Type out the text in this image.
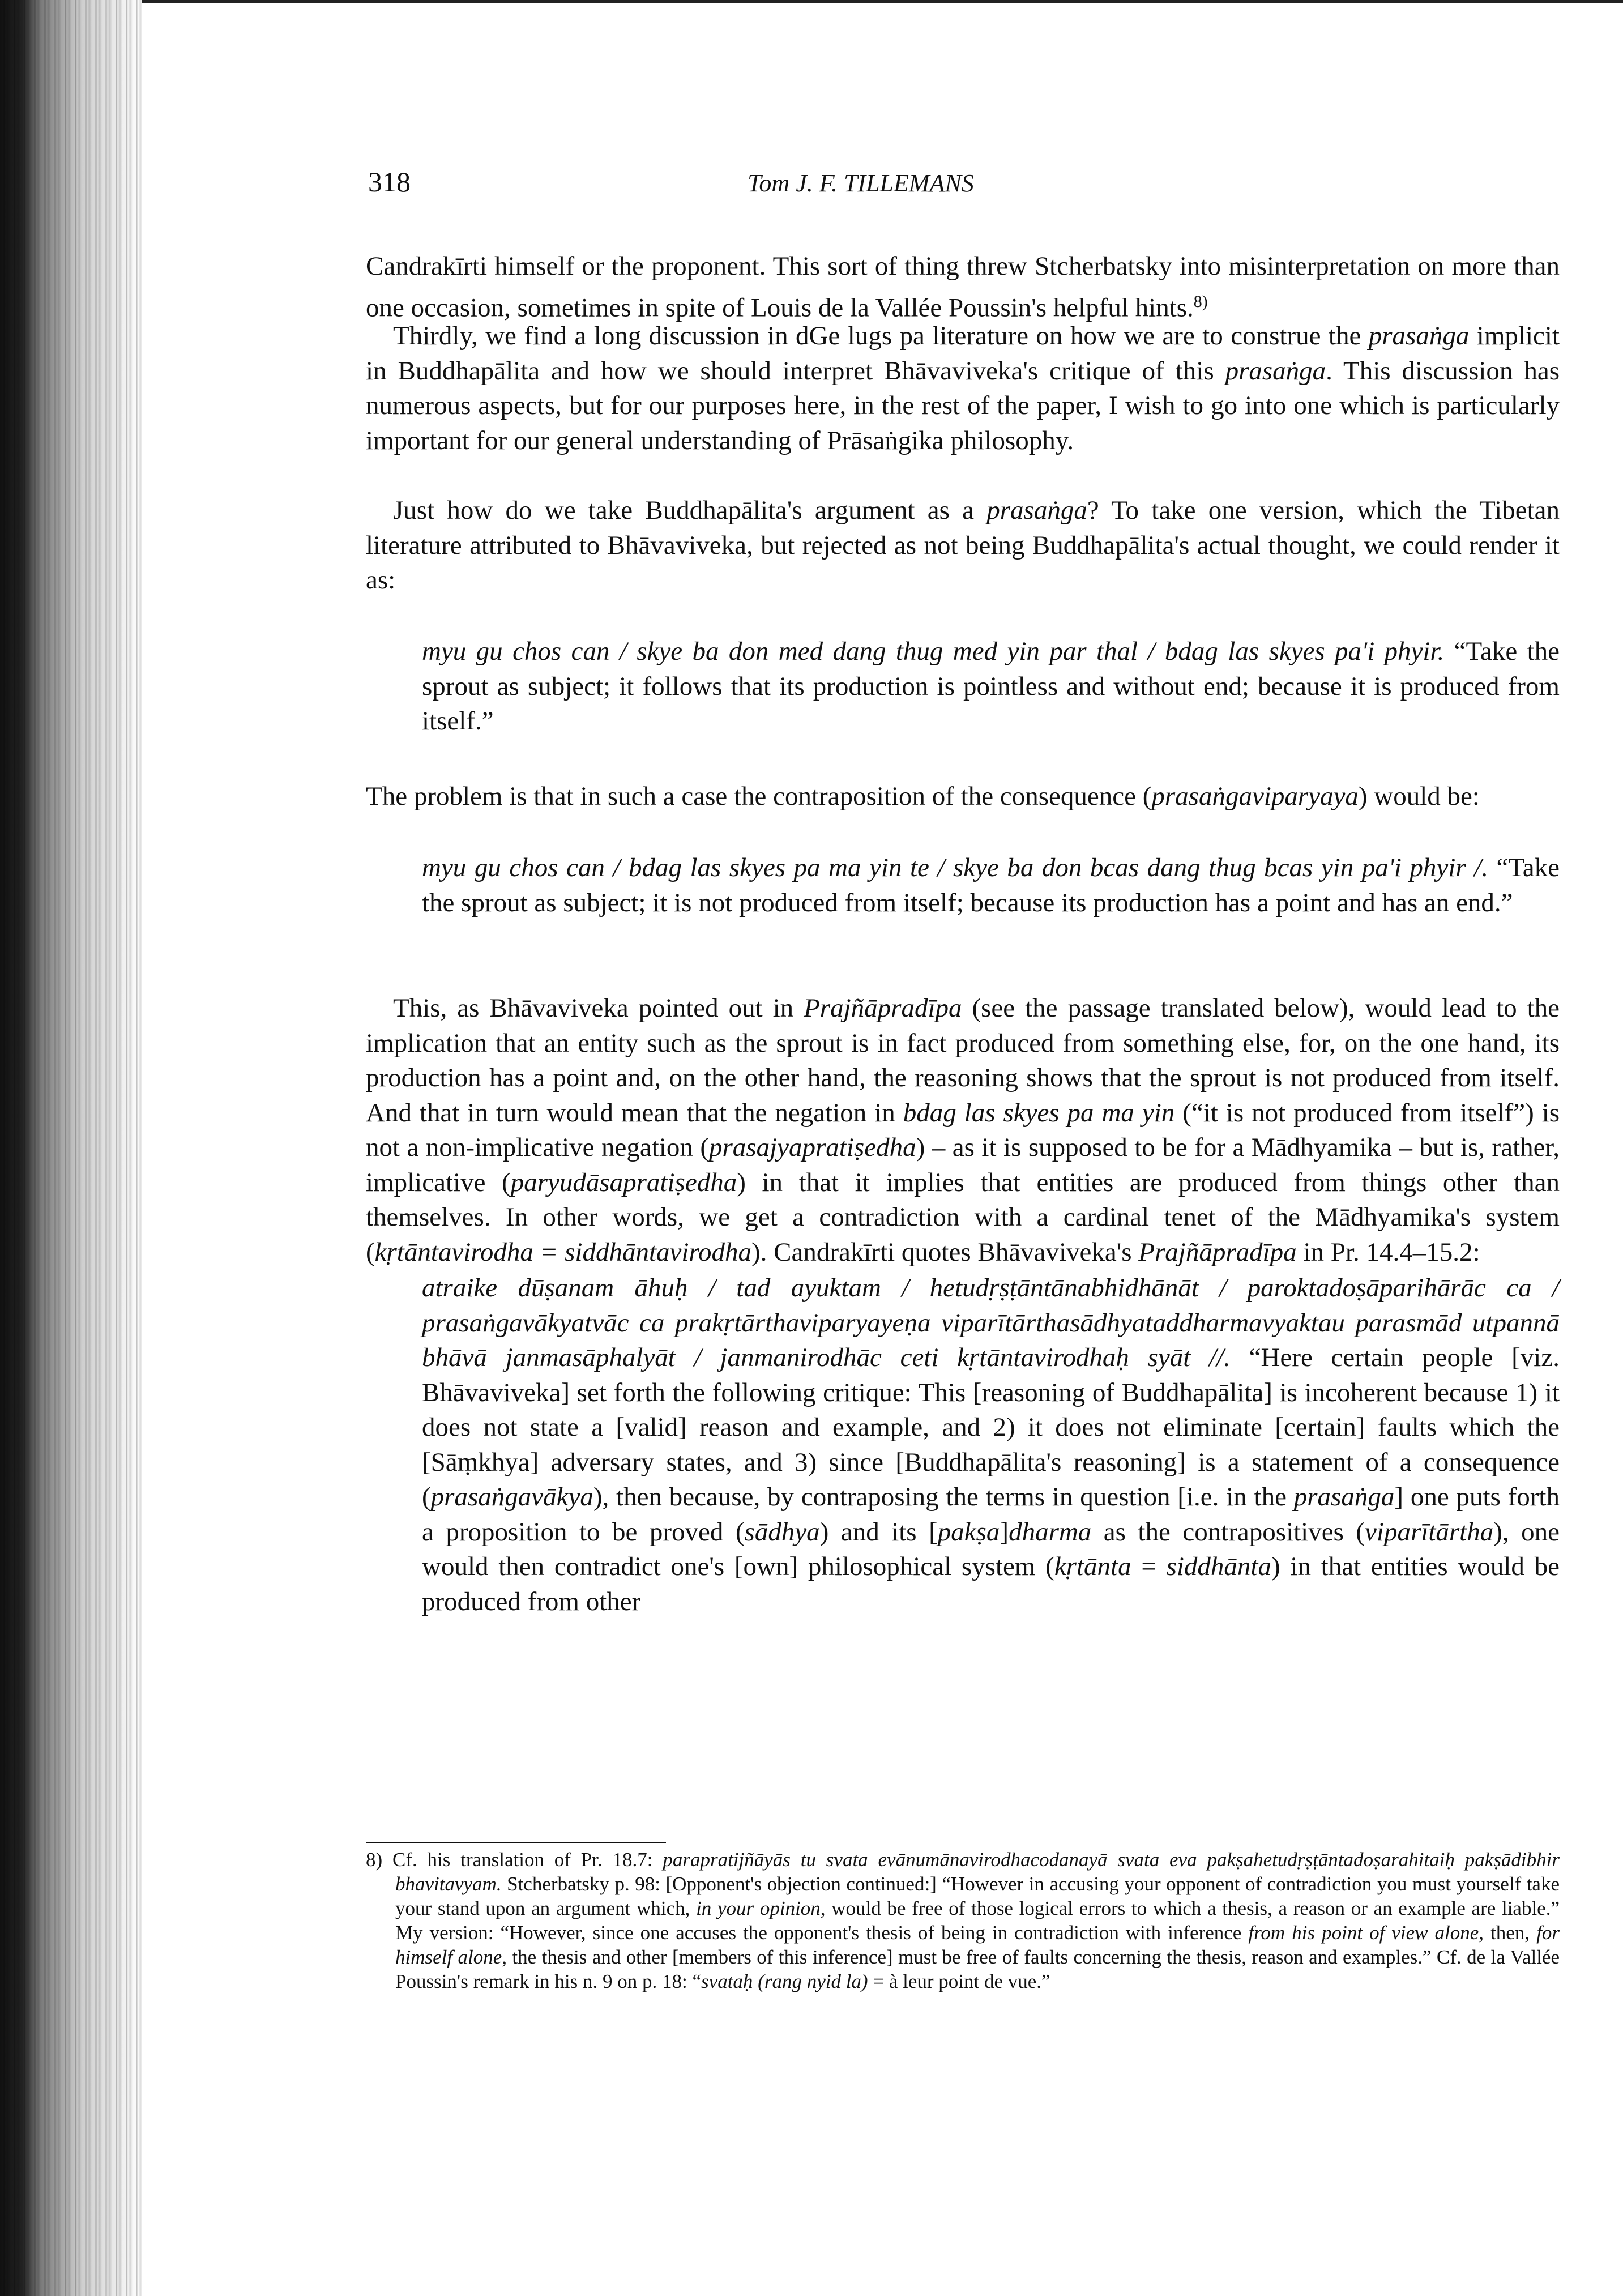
318	Tom J. F. TILLEMANS
Candrakīrti himself or the proponent. This sort of thing threw Stcherbatsky into misinterpretation on more than one occasion, sometimes in spite of Louis de la Vallée Poussin's helpful hints.$^{8)}$
Thirdly, we find a long discussion in dGe lugs pa literature on how we are to construe the prasaṅga implicit in Buddhapālita and how we should interpret Bhāvaviveka's critique of this prasaṅga. This discussion has numerous aspects, but for our purposes here, in the rest of the paper, I wish to go into one which is particularly important for our general understanding of Prāsaṅgika philosophy.
Just how do we take Buddhapālita's argument as a prasaṅga? To take one version, which the Tibetan literature attributed to Bhāvaviveka, but rejected as not being Buddhapālita's actual thought, we could render it as:
myu gu chos can / skye ba don med dang thug med yin par thal / bdag las skyes pa'i phyir. “Take the sprout as subject; it follows that its production is pointless and without end; because it is produced from itself.”
The problem is that in such a case the contraposition of the consequence (prasaṅgaviparyaya) would be:
myu gu chos can / bdag las skyes pa ma yin te / skye ba don bcas dang thug bcas yin pa'i phyir /. “Take the sprout as subject; it is not produced from itself; because its production has a point and has an end.”
This, as Bhāvaviveka pointed out in Prajñāpradīpa (see the passage translated below), would lead to the implication that an entity such as the sprout is in fact produced from something else, for, on the one hand, its production has a point and, on the other hand, the reasoning shows that the sprout is not produced from itself. And that in turn would mean that the negation in bdag las skyes pa ma yin (“it is not produced from itself”) is not a non-implicative negation (prasajyapratiṣedha) – as it is supposed to be for a Mādhyamika – but is, rather, implicative (paryudāsapratiṣedha) in that it implies that entities are produced from things other than themselves. In other words, we get a contradiction with a cardinal tenet of the Mādhyamika's system (kṛtāntavirodha = siddhāntavirodha). Candrakīrti quotes Bhāvaviveka's Prajñāpradīpa in Pr. 14.4–15.2:
atraike dūṣanam āhuḥ / tad ayuktam / hetudṛṣṭāntānabhidhānāt / paroktadoṣāparihārāc ca / prasaṅgavākyatvāc ca prakṛtārthaviparyayeṇa viparītārthasādhyataddharmavyaktau parasmād utpannā bhāvā janmasāphalyāt / janmanirodhāc ceti kṛtāntavirodhaḥ syāt //. “Here certain people [viz. Bhāvaviveka] set forth the following critique: This [reasoning of Buddhapālita] is incoherent because 1) it does not state a [valid] reason and example, and 2) it does not eliminate [certain] faults which the [Sāṃkhya] adversary states, and 3) since [Buddhapālita's reasoning] is a statement of a consequence (prasaṅgavākya), then because, by contraposing the terms in question [i.e. in the prasaṅga] one puts forth a proposition to be proved (sādhya) and its [pakṣa]dharma as the contrapositives (viparītārtha), one would then contradict one's [own] philosophical system (kṛtānta = siddhānta) in that entities would be produced from other
8) Cf. his translation of Pr. 18.7: parapratijñāyās tu svata evānumānavirodhacodanayā svata eva pakṣahetudṛṣṭāntadoṣarahitaiḥ pakṣādibhir bhavitavyam. Stcherbatsky p. 98: [Opponent's objection continued:] “However in accusing your opponent of contradiction you must yourself take your stand upon an argument which, in your opinion, would be free of those logical errors to which a thesis, a reason or an example are liable.” My version: “However, since one accuses the opponent's thesis of being in contradiction with inference from his point of view alone, then, for himself alone, the thesis and other [members of this inference] must be free of faults concerning the thesis, reason and examples.” Cf. de la Vallée Poussin's remark in his n. 9 on p. 18: “svataḥ (rang nyid la) = à leur point de vue.”
